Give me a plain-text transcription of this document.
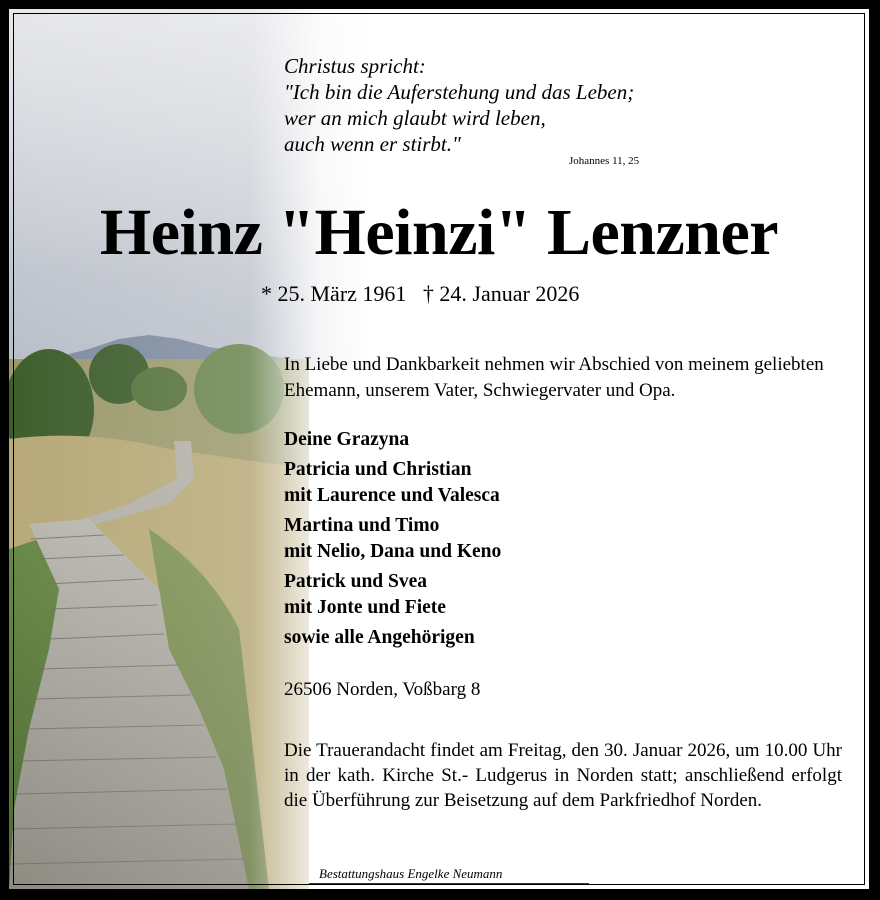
Christus spricht:
"Ich bin die Auferstehung und das Leben;
wer an mich glaubt wird leben,
auch wenn er stirbt."
Johannes 11, 25
Heinz "Heinzi" Lenzner
* 25. März 1961   † 24. Januar 2026
In Liebe und Dankbarkeit nehmen wir Abschied von meinem geliebten Ehemann, unserem Vater, Schwiegervater und Opa.
Deine Grazyna
Patricia und Christian
mit Laurence und Valesca
Martina und Timo
mit Nelio, Dana und Keno
Patrick und Svea
mit Jonte und Fiete
sowie alle Angehörigen
26506 Norden, Voßbarg 8
Die Trauerandacht findet am Freitag, den 30. Januar 2026, um 10.00 Uhr in der kath. Kirche St.- Ludgerus in Norden statt; anschließend erfolgt die Überführung zur Beisetzung auf dem Parkfriedhof Norden.
Bestattungshaus Engelke Neumann
